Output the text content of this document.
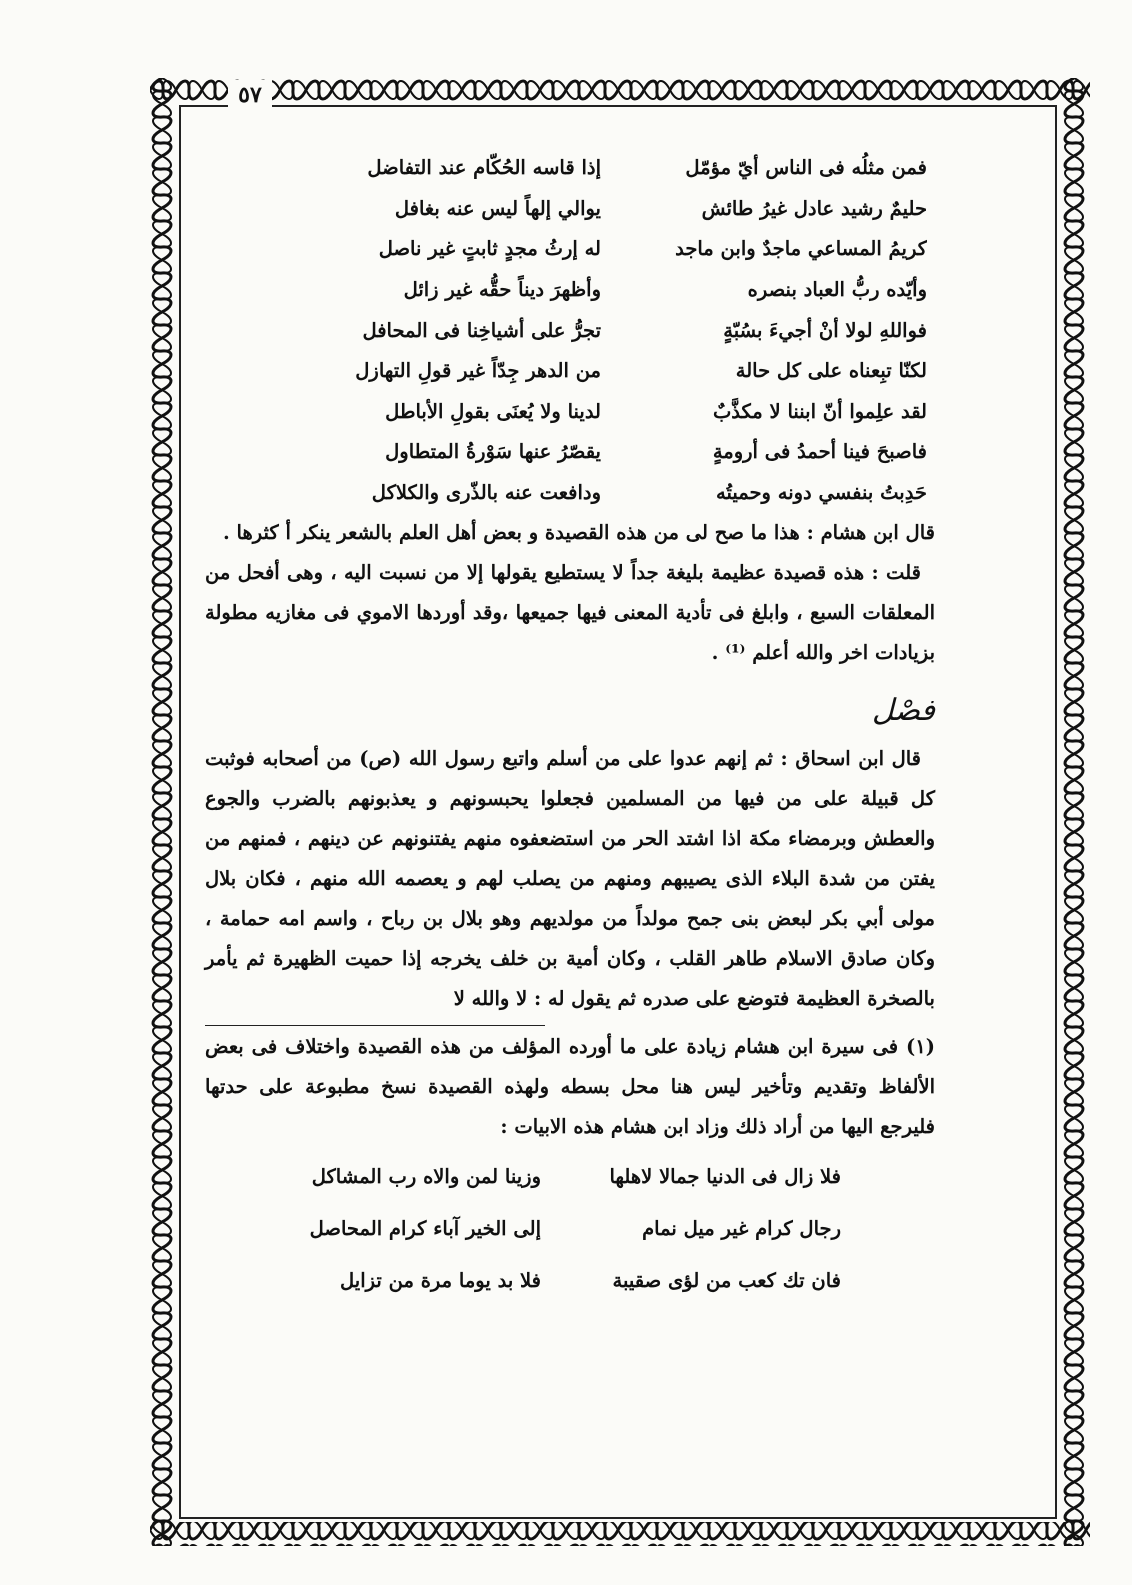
٥٧
فمن مثلُه فى الناس أيّ مؤمّل
إذا قاسه الحُكّام عند التفاضل
حليمٌ رشيد عادل غيرُ طائش
يوالي إلهاً ليس عنه بغافل
كريمُ المساعي ماجدٌ وابن ماجد
له إرثُ مجدٍ ثابتٍ غير ناصل
وأيّده ربُّ العباد بنصره
وأظهرَ ديناً حقُّه غير زائل
فواللهِ لولا أنْ أجيءَ بسُبّةٍ
تجرُّ على أشياخِنا فى المحافل
لكنّا تبِعناه على كل حالة
من الدهر جِدّاً غير قولِ التهازل
لقد علِموا أنّ ابننا لا مكذَّبٌ
لدينا ولا يُعنَى بقولِ الأباطل
فاصبحَ فينا أحمدُ فى أرومةٍ
يقصّرُ عنها سَوْرةُ المتطاول
حَدِبتُ بنفسي دونه وحميتُه
ودافعت عنه بالذّرى والكلاكل

قال ابن هشام : هذا ما صح لى من هذه القصيدة و بعض أهل العلم بالشعر ينكر أ كثرها .

قلت : هذه قصيدة عظيمة بليغة جداً لا يستطيع يقولها إلا من نسبت اليه ، وهى أفحل من المعلقات السبع ، وابلغ فى تأدية المعنى فيها جميعها ،وقد أوردها الاموي فى مغازيه مطولة بزيادات اخر والله أعلم ⁽¹⁾ .

فصْل

قال ابن اسحاق : ثم إنهم عدوا على من أسلم واتبع رسول الله (ص) من أصحابه فوثبت كل قبيلة على من فيها من المسلمين فجعلوا يحبسونهم و يعذبونهم بالضرب والجوع والعطش وبرمضاء مكة اذا اشتد الحر من استضعفوه منهم يفتنونهم عن دينهم ، فمنهم من يفتن من شدة البلاء الذى يصيبهم ومنهم من يصلب لهم و يعصمه الله منهم ، فكان بلال مولى أبي بكر لبعض بنى جمح مولداً من مولديهم وهو بلال بن رباح ، واسم امه حمامة ، وكان صادق الاسلام طاهر القلب ، وكان أمية بن خلف يخرجه إذا حميت الظهيرة ثم يأمر بالصخرة العظيمة فتوضع على صدره ثم يقول له : لا والله لا

(١) فى سيرة ابن هشام زيادة على ما أورده المؤلف من هذه القصيدة واختلاف فى بعض الألفاظ وتقديم وتأخير ليس هنا محل بسطه ولهذه القصيدة نسخ مطبوعة على حدتها فليرجع اليها من أراد ذلك وزاد ابن هشام هذه الابيات :

فلا زال فى الدنيا جمالا لاهلها
وزينا لمن والاه رب المشاكل
رجال كرام غير ميل نمام
إلى الخير آباء كرام المحاصل
فان تك كعب من لؤى صقيبة
فلا بد يوما مرة من تزايل
